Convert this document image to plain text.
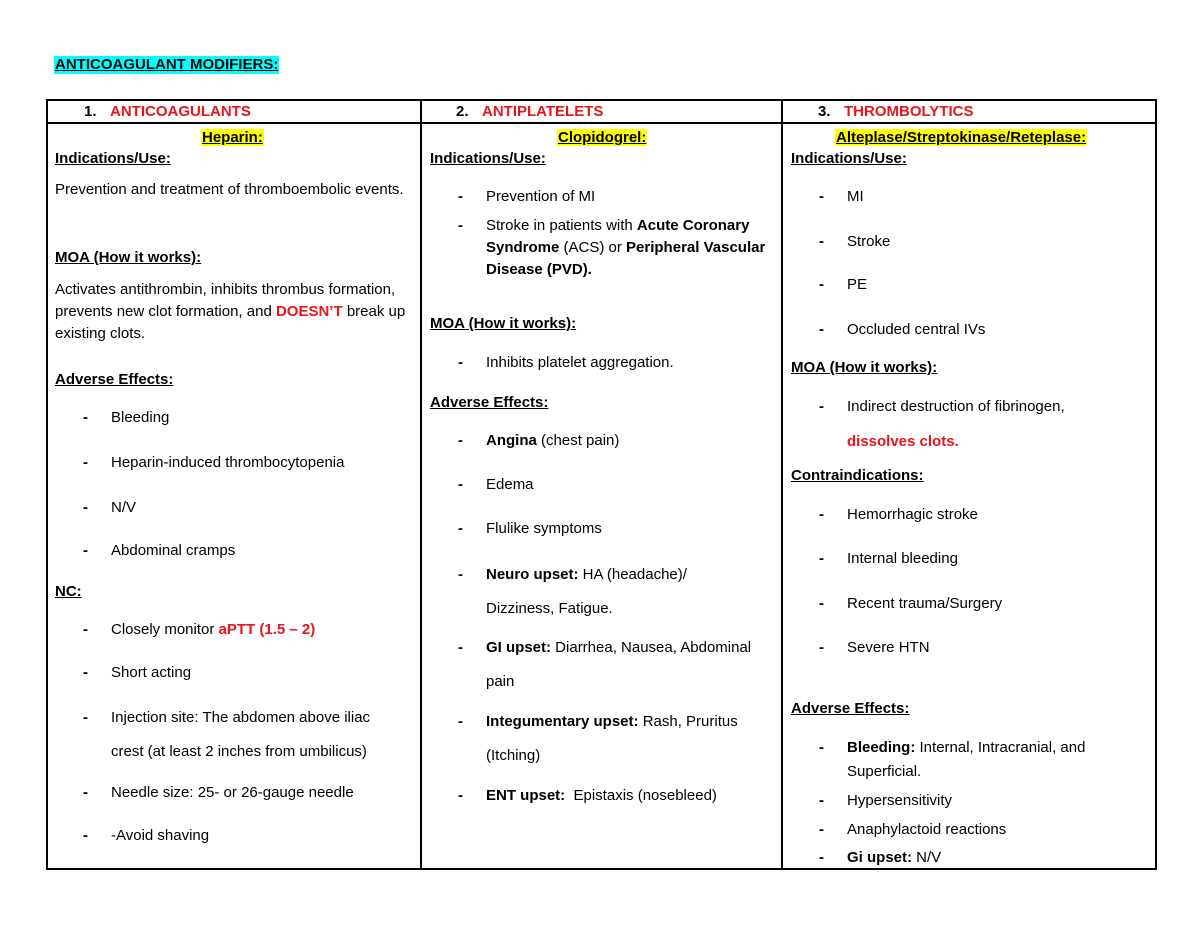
ANTICOAGULANT MODIFIERS:
1. ANTICOAGULANTS	2. ANTIPLATELETS	3. THROMBOLYTICS
Heparin:
Indications/Use:
Prevention and treatment of thromboembolic events.
MOA (How it works):
Activates antithrombin, inhibits thrombus formation, prevents new clot formation, and DOESN’T break up existing clots.
Adverse Effects:
- Bleeding
- Heparin-induced thrombocytopenia
- N/V
- Abdominal cramps
NC:
- Closely monitor aPTT (1.5 – 2)
- Short acting
- Injection site: The abdomen above iliac
crest (at least 2 inches from umbilicus)
- Needle size: 25- or 26-gauge needle
- -Avoid shaving
Clopidogrel:
Indications/Use:
- Prevention of MI
- Stroke in patients with Acute Coronary Syndrome (ACS) or Peripheral Vascular Disease (PVD).
MOA (How it works):
- Inhibits platelet aggregation.
Adverse Effects:
- Angina (chest pain)
- Edema
- Flulike symptoms
- Neuro upset: HA (headache)/
Dizziness, Fatigue.
- GI upset: Diarrhea, Nausea, Abdominal
pain
- Integumentary upset: Rash, Pruritus
(Itching)
- ENT upset:  Epistaxis (nosebleed)
Alteplase/Streptokinase/Reteplase:
Indications/Use:
- MI
- Stroke
- PE
- Occluded central IVs
MOA (How it works):
- Indirect destruction of fibrinogen,
dissolves clots.
Contraindications:
- Hemorrhagic stroke
- Internal bleeding
- Recent trauma/Surgery
- Severe HTN
Adverse Effects:
- Bleeding: Internal, Intracranial, and
Superficial.
- Hypersensitivity
- Anaphylactoid reactions
- Gi upset: N/V
